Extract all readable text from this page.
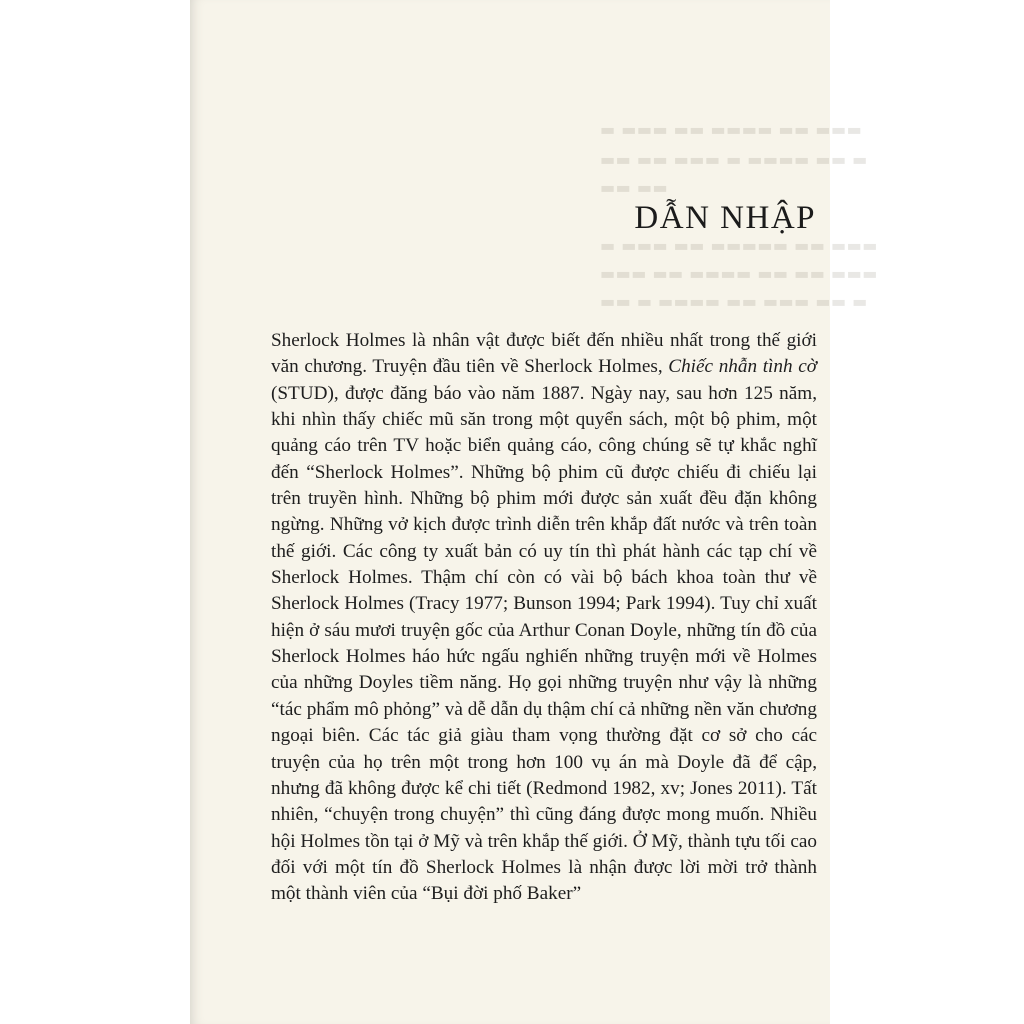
▬ ▬▬▬ ▬▬ ▬▬▬▬ ▬▬ ▬▬▬
▬▬ ▬▬ ▬▬▬ ▬ ▬▬▬▬ ▬▬ ▬
▬▬ ▬▬
▬ ▬▬▬ ▬▬ ▬▬▬▬▬ ▬▬ ▬▬▬
▬▬▬ ▬▬ ▬▬▬▬ ▬▬ ▬▬ ▬▬▬
▬▬ ▬ ▬▬▬▬ ▬▬ ▬▬▬ ▬▬ ▬
DẪN NHẬP

Sherlock Holmes là nhân vật được biết đến nhiều nhất trong thế giới văn chương. Truyện đầu tiên về Sherlock Holmes, Chiếc nhẫn tình cờ (STUD), được đăng báo vào năm 1887. Ngày nay, sau hơn 125 năm, khi nhìn thấy chiếc mũ săn trong một quyển sách, một bộ phim, một quảng cáo trên TV hoặc biển quảng cáo, công chúng sẽ tự khắc nghĩ đến “Sherlock Holmes”. Những bộ phim cũ được chiếu đi chiếu lại trên truyền hình. Những bộ phim mới được sản xuất đều đặn không ngừng. Những vở kịch được trình diễn trên khắp đất nước và trên toàn thế giới. Các công ty xuất bản có uy tín thì phát hành các tạp chí về Sherlock Holmes. Thậm chí còn có vài bộ bách khoa toàn thư về Sherlock Holmes (Tracy 1977; Bunson 1994; Park 1994). Tuy chỉ xuất hiện ở sáu mươi truyện gốc của Arthur Conan Doyle, những tín đồ của Sherlock Holmes háo hức ngấu nghiến những truyện mới về Holmes của những Doyles tiềm năng. Họ gọi những truyện như vậy là những “tác phẩm mô phỏng” và dễ dẫn dụ thậm chí cả những nền văn chương ngoại biên. Các tác giả giàu tham vọng thường đặt cơ sở cho các truyện của họ trên một trong hơn 100 vụ án mà Doyle đã để cập, nhưng đã không được kể chi tiết (Redmond 1982, xv; Jones 2011). Tất nhiên, “chuyện trong chuyện” thì cũng đáng được mong muốn. Nhiều hội Holmes tồn tại ở Mỹ và trên khắp thế giới. Ở Mỹ, thành tựu tối cao đối với một tín đồ Sherlock Holmes là nhận được lời mời trở thành một thành viên của “Bụi đời phố Baker”
